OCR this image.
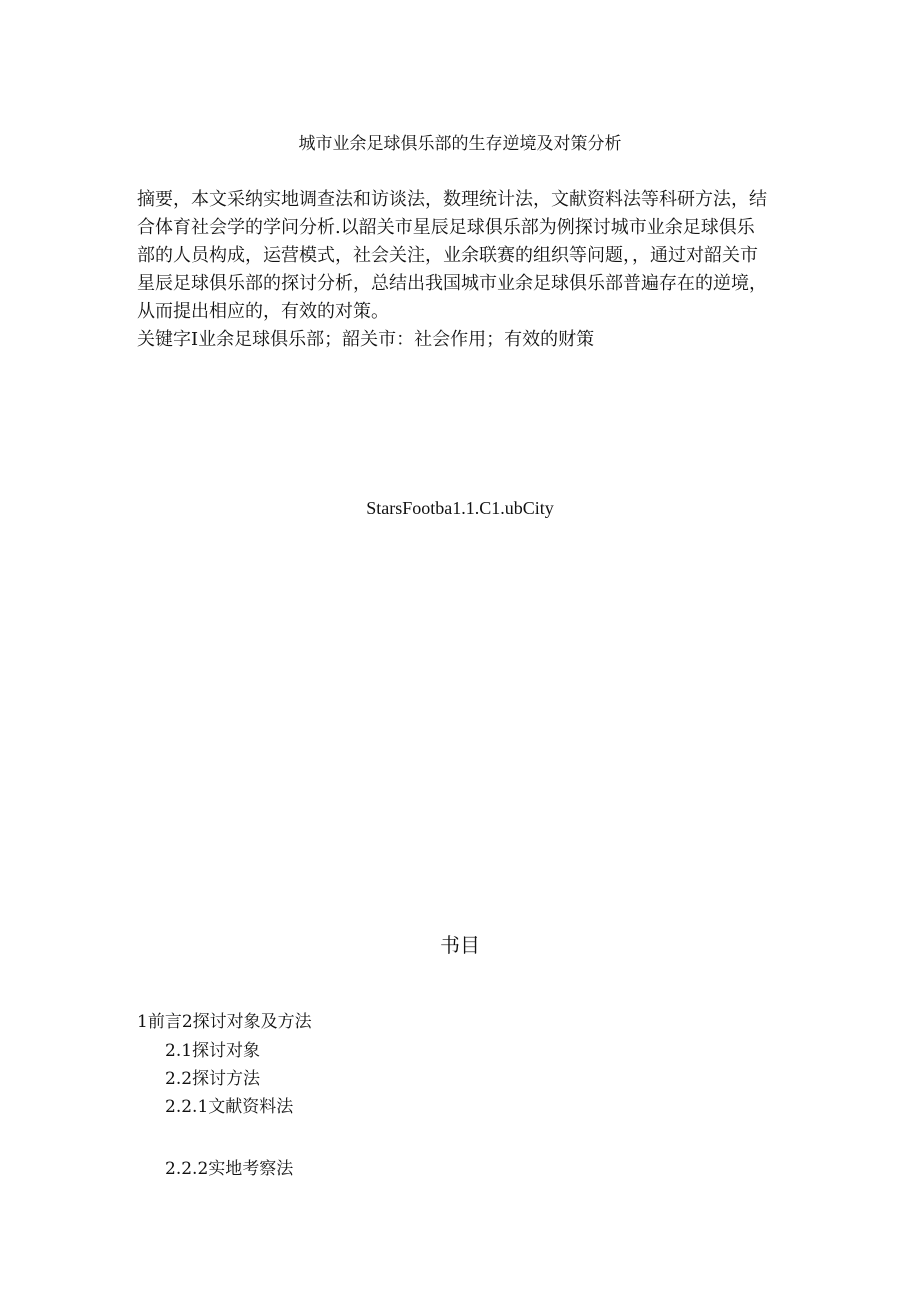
城市业余足球俱乐部的生存逆境及对策分析
摘要，本文采纳实地调查法和访谈法，数理统计法，文献资料法等科研方法，结
合体育社会学的学问分析.以韶关市星辰足球俱乐部为例探讨城市业余足球俱乐
部的人员构成，运营模式，社会关注，业余联赛的组织等问题，，通过对韶关市
星辰足球俱乐部的探讨分析，总结出我国城市业余足球俱乐部普遍存在的逆境，
从而提出相应的，有效的对策。
关键字I业余足球俱乐部；韶关市：社会作用；有效的财策
StarsFootba1.1.C1.ubCity
书目
1前言2探讨对象及方法
2.1探讨对象
2.2探讨方法
2.2.1文献资料法
2.2.2实地考察法
